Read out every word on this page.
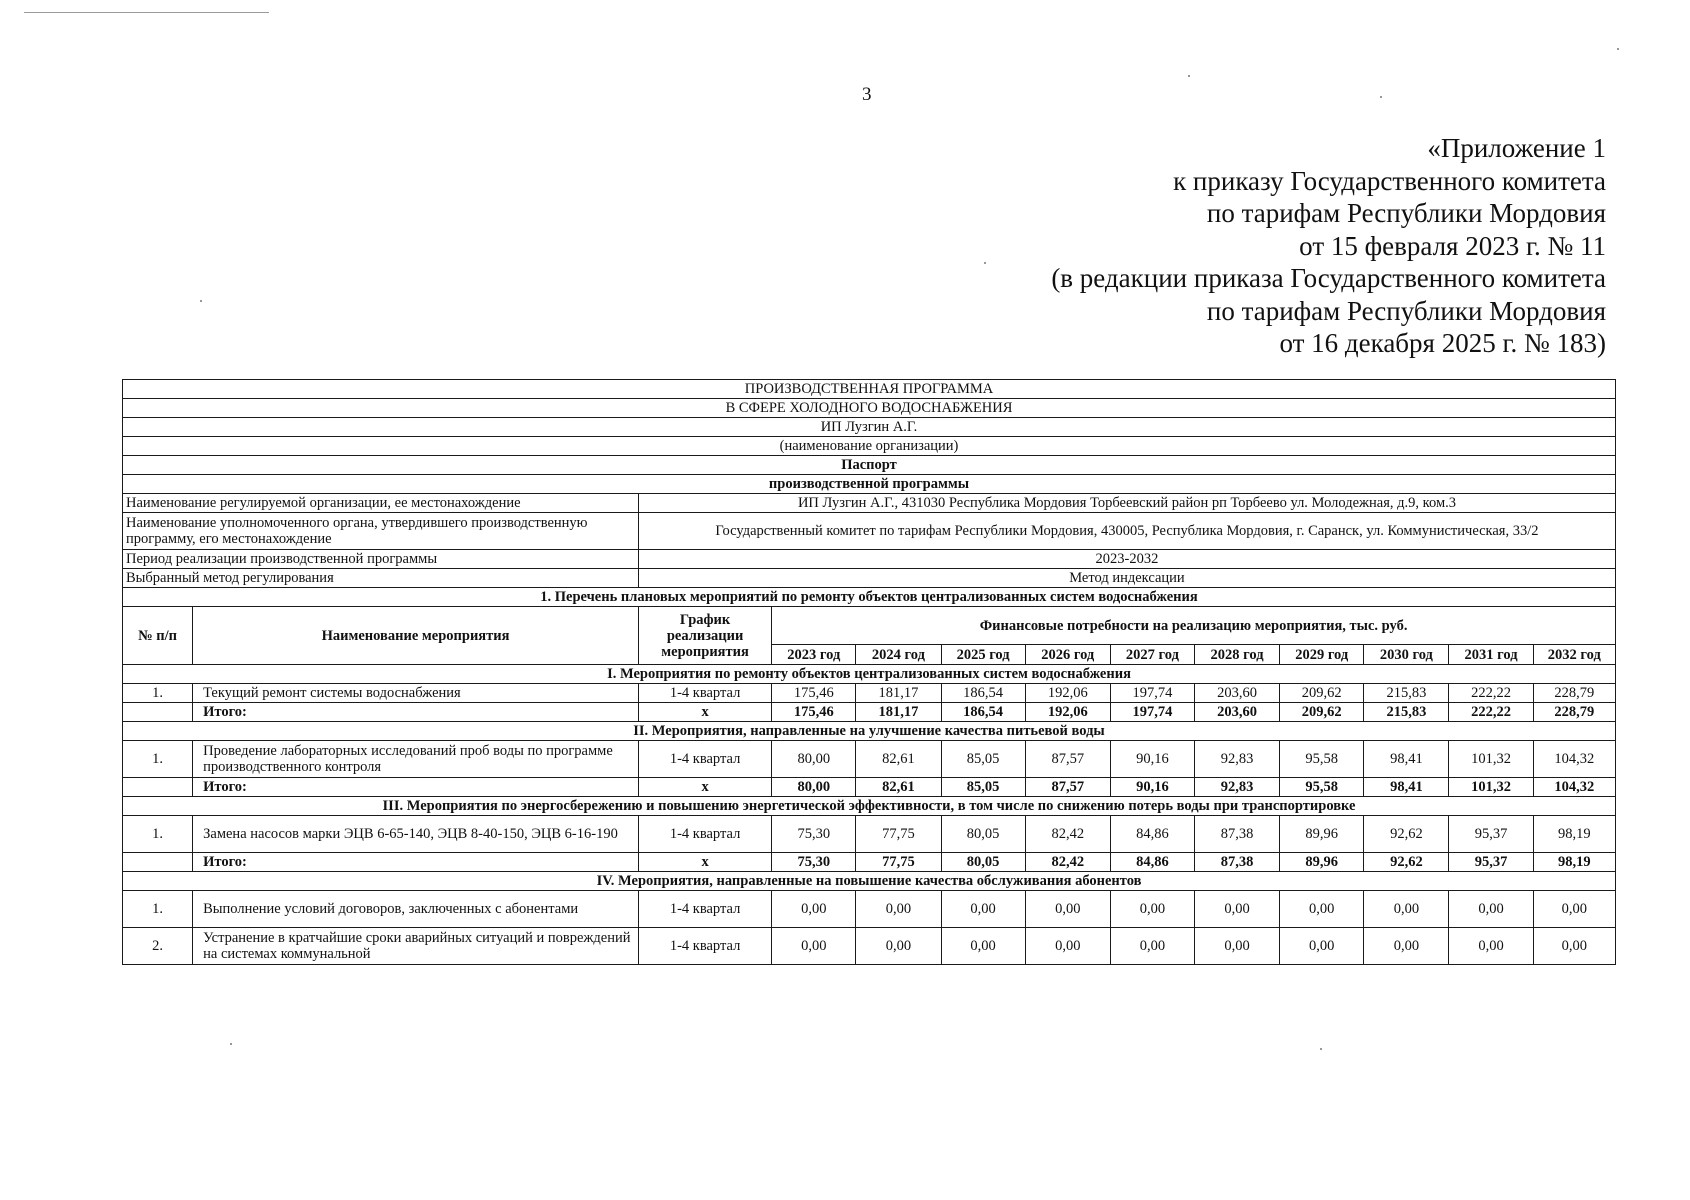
3
«Приложение 1
к приказу Государственного комитета
по тарифам Республики Мордовия
от 15 февраля 2023 г. № 11
(в редакции приказа Государственного комитета
по тарифам Республики Мордовия
от 16 декабря 2025 г. № 183)
ПРОИЗВОДСТВЕННАЯ ПРОГРАММА												
В СФЕРЕ ХОЛОДНОГО ВОДОСНАБЖЕНИЯ												
ИП Лузгин А.Г.												
(наименование организации)												
Паспорт												
производственной программы												
Наименование регулируемой организации, ее местонахождение		ИП Лузгин А.Г., 431030 Республика Мордовия Торбеевский район рп Торбеево ул. Молодежная, д.9, ком.3										
Наименование уполномоченного органа, утвердившего производственную программу, его местонахождение		Государственный комитет по тарифам Республики Мордовия, 430005, Республика Мордовия, г. Саранск, ул. Коммунистическая, 33/2										
Период реализации производственной программы		2023-2032										
Выбранный метод регулирования		Метод индексации										
1. Перечень плановых мероприятий по ремонту объектов централизованных систем водоснабжения												
№ п/п	Наименование мероприятия	График реализации мероприятия	Финансовые потребности на реализацию мероприятия, тыс. руб.									
			2023 год	2024 год	2025 год	2026 год	2027 год	2028 год	2029 год	2030 год	2031 год	2032 год
I. Мероприятия по ремонту объектов централизованных систем водоснабжения												
1.	Текущий ремонт системы водоснабжения	1-4 квартал	175,46	181,17	186,54	192,06	197,74	203,60	209,62	215,83	222,22	228,79
	Итого:	х	175,46	181,17	186,54	192,06	197,74	203,60	209,62	215,83	222,22	228,79
II. Мероприятия, направленные на улучшение качества питьевой воды												
1.	Проведение лабораторных исследований проб воды по программе производственного контроля	1-4 квартал	80,00	82,61	85,05	87,57	90,16	92,83	95,58	98,41	101,32	104,32
	Итого:	х	80,00	82,61	85,05	87,57	90,16	92,83	95,58	98,41	101,32	104,32
III. Мероприятия по энергосбережению и повышению энергетической эффективности, в том числе по снижению потерь воды при транспортировке												
1.	Замена насосов марки ЭЦВ 6-65-140, ЭЦВ 8-40-150, ЭЦВ 6-16-190	1-4 квартал	75,30	77,75	80,05	82,42	84,86	87,38	89,96	92,62	95,37	98,19
	Итого:	х	75,30	77,75	80,05	82,42	84,86	87,38	89,96	92,62	95,37	98,19
IV. Мероприятия, направленные на повышение качества обслуживания абонентов												
1.	Выполнение условий договоров, заключенных с абонентами	1-4 квартал	0,00	0,00	0,00	0,00	0,00	0,00	0,00	0,00	0,00	0,00
2.	Устранение в кратчайшие сроки аварийных ситуаций и повреждений на системах коммунальной	1-4 квартал	0,00	0,00	0,00	0,00	0,00	0,00	0,00	0,00	0,00	0,00
